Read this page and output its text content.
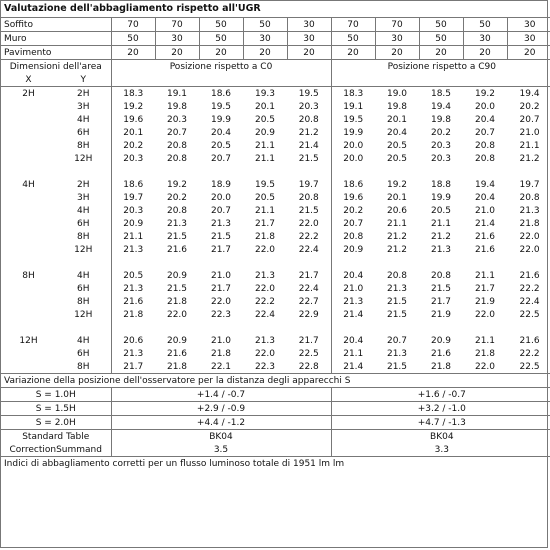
Valutazione dell'abbagliamento rispetto all'UGR											
Soffito		70	70	50	50	30	70	70	50	50	30
Muro		50	30	50	30	30	50	30	50	30	30
Pavimento		20	20	20	20	20	20	20	20	20	20
Dimensioni dell'area		Posizione rispetto a C0					Posizione rispetto a C90				
X	Y										
2H	2H	18.3	19.1	18.6	19.3	19.5	18.3	19.0	18.5	19.2	19.4
	3H	19.2	19.8	19.5	20.1	20.3	19.1	19.8	19.4	20.0	20.2
	4H	19.6	20.3	19.9	20.5	20.8	19.5	20.1	19.8	20.4	20.7
	6H	20.1	20.7	20.4	20.9	21.2	19.9	20.4	20.2	20.7	21.0
	8H	20.2	20.8	20.5	21.1	21.4	20.0	20.5	20.3	20.8	21.1
	12H	20.3	20.8	20.7	21.1	21.5	20.0	20.5	20.3	20.8	21.2

4H	2H	18.6	19.2	18.9	19.5	19.7	18.6	19.2	18.8	19.4	19.7
	3H	19.7	20.2	20.0	20.5	20.8	19.6	20.1	19.9	20.4	20.8
	4H	20.3	20.8	20.7	21.1	21.5	20.2	20.6	20.5	21.0	21.3
	6H	20.9	21.3	21.3	21.7	22.0	20.7	21.1	21.1	21.4	21.8
	8H	21.1	21.5	21.5	21.8	22.2	20.8	21.2	21.2	21.6	22.0
	12H	21.3	21.6	21.7	22.0	22.4	20.9	21.2	21.3	21.6	22.0

8H	4H	20.5	20.9	21.0	21.3	21.7	20.4	20.8	20.8	21.1	21.6
	6H	21.3	21.5	21.7	22.0	22.4	21.0	21.3	21.5	21.7	22.2
	8H	21.6	21.8	22.0	22.2	22.7	21.3	21.5	21.7	21.9	22.4
	12H	21.8	22.0	22.3	22.4	22.9	21.4	21.5	21.9	22.0	22.5

12H	4H	20.6	20.9	21.0	21.3	21.7	20.4	20.7	20.9	21.1	21.6
	6H	21.3	21.6	21.8	22.0	22.5	21.1	21.3	21.6	21.8	22.2
	8H	21.7	21.8	22.1	22.3	22.8	21.4	21.5	21.8	22.0	22.5
Variazione della posizione dell'osservatore per la distanza degli apparecchi S											
S = 1.0H		+1.4 / -0.7					+1.6 / -0.7				
S = 1.5H		+2.9 / -0.9					+3.2 / -1.0				
S = 2.0H		+4.4 / -1.2					+4.7 / -1.3				
Standard Table		BK04					BK04				
CorrectionSummand		3.5					3.3				
Indici di abbagliamento corretti per un flusso luminoso totale di 1951 lm lm											
